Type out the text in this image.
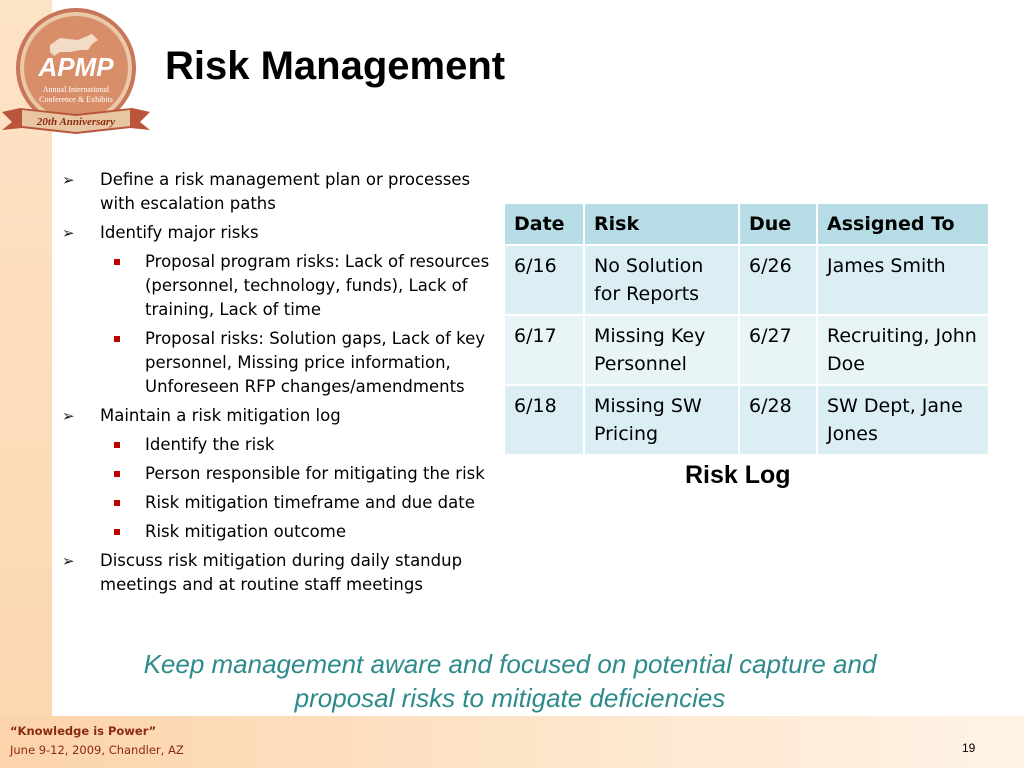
APMP
Annual International
Conference & Exhibits
20th Anniversary
Risk Management
➢ Define a risk management plan or processes with escalation paths
➢ Identify major risks
Proposal program risks: Lack of resources (personnel, technology, funds), Lack of training, Lack of time
Proposal risks: Solution gaps, Lack of key personnel, Missing price information, Unforeseen RFP changes/amendments
➢ Maintain a risk mitigation log
Identify the risk
Person responsible for mitigating the risk
Risk mitigation timeframe and due date
Risk mitigation outcome
➢ Discuss risk mitigation during daily standup meetings and at routine staff meetings
Date	Risk	Due	Assigned To
6/16	No Solution for Reports	6/26	James Smith
6/17	Missing Key Personnel	6/27	Recruiting, John Doe
6/18	Missing SW Pricing	6/28	SW Dept, Jane Jones
Risk Log
Keep management aware and focused on potential capture and
proposal risks to mitigate deficiencies
“Knowledge is Power”
June 9-12, 2009, Chandler, AZ	19
